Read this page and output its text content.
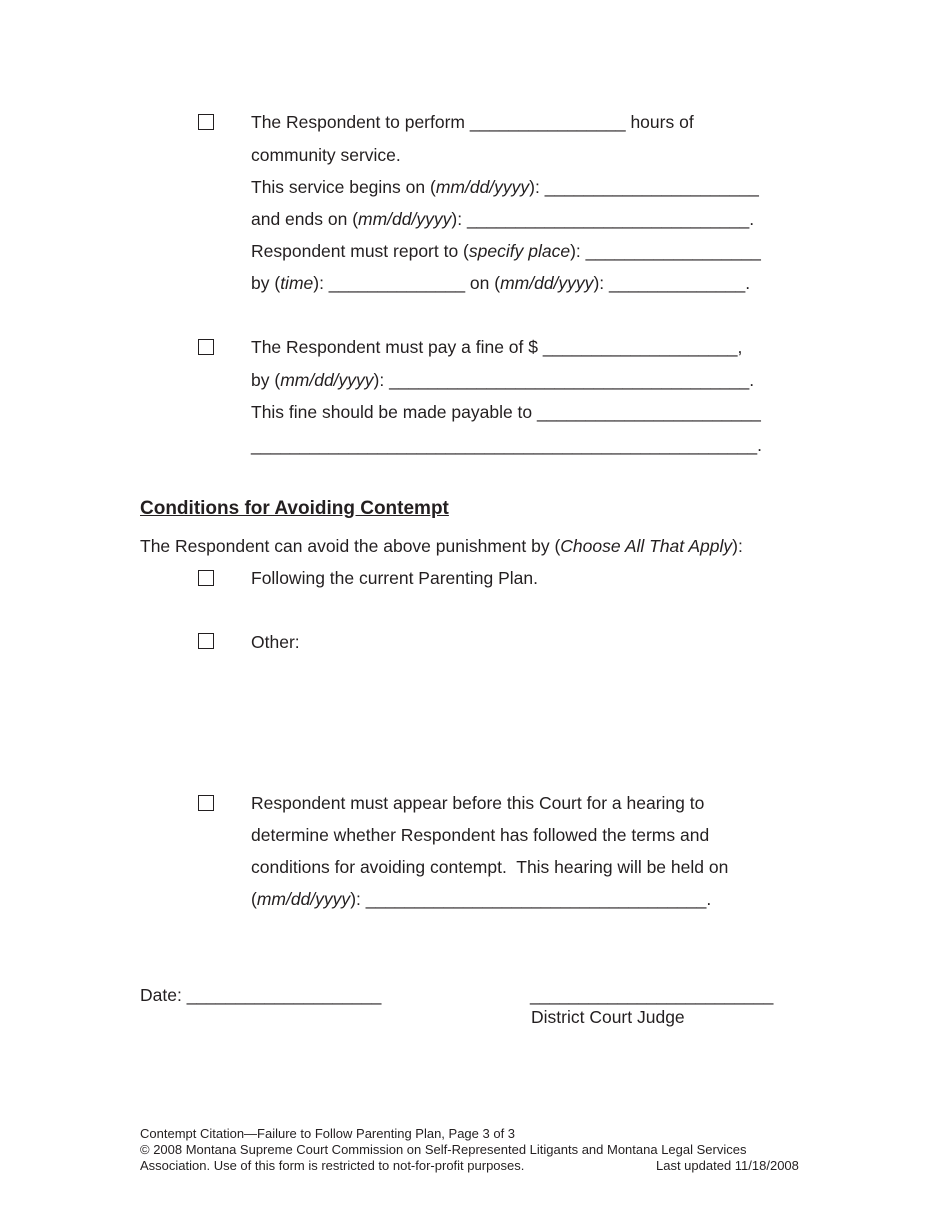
The Respondent to perform ________________ hours of
community service.
This service begins on (mm/dd/yyyy): ______________________
and ends on (mm/dd/yyyy): _____________________________.
Respondent must report to (specify place): __________________
by (time): ______________ on (mm/dd/yyyy): ______________.
The Respondent must pay a fine of $ ____________________,
by (mm/dd/yyyy): _____________________________________.
This fine should be made payable to _______________________
____________________________________________________.
Conditions for Avoiding Contempt
The Respondent can avoid the above punishment by (Choose All That Apply):
Following the current Parenting Plan.
Other:
Respondent must appear before this Court for a hearing to
determine whether Respondent has followed the terms and
conditions for avoiding contempt.  This hearing will be held on
(mm/dd/yyyy): ___________________________________.
Date: ____________________	_________________________
District Court Judge
Contempt Citation—Failure to Follow Parenting Plan, Page 3 of 3
© 2008 Montana Supreme Court Commission on Self-Represented Litigants and Montana Legal Services
Association. Use of this form is restricted to not-for-profit purposes.	Last updated 11/18/2008
